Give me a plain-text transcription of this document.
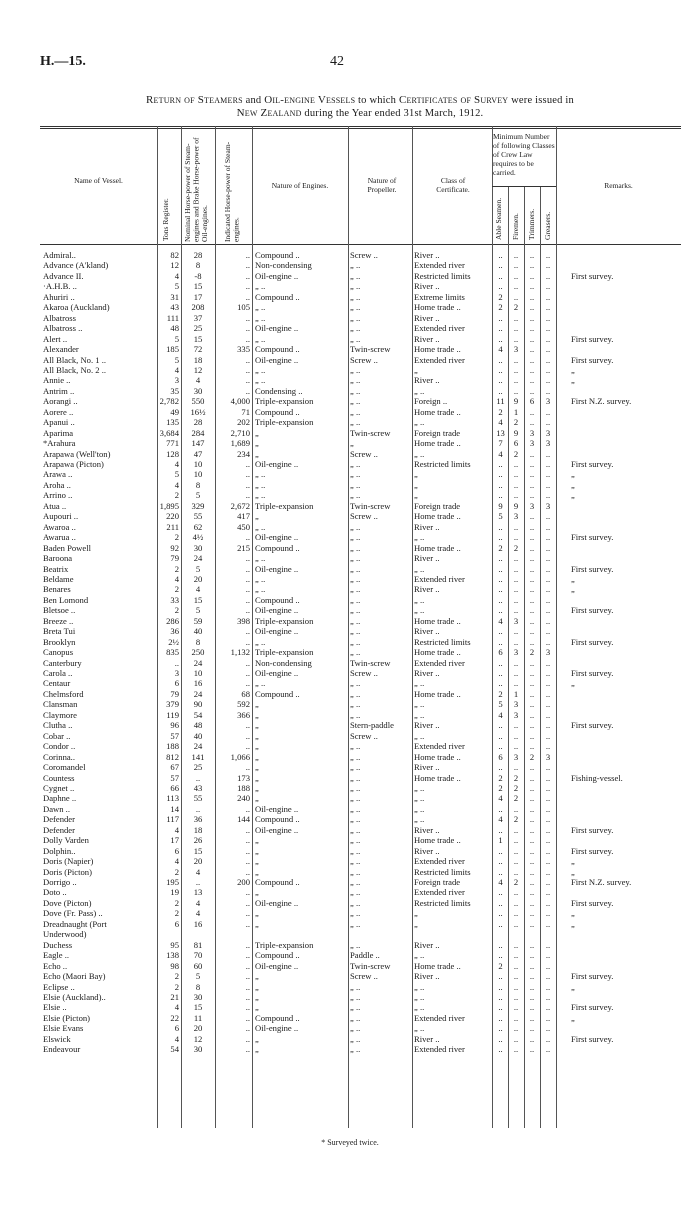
H.—15.	42
Return of Steamers and Oil-engine Vessels to which Certificates of Survey were issued in
New Zealand during the Year ended 31st March, 1912.
Name of Vessel.
Tons Register. Nominal Horse-power of Steam-engines and Brake Horse-power of Oil-engines.	Indicated Horse-power of Steam-engines.
Nature of Engines.
Nature of Propeller.
Class of Certificate.
Minimum Number of following Classes of Crew Law requires to be carried.
Able Seamen. Firemen. Trimmers. Greasers.
Remarks.
Admiral..	82	28	.. Compound ..	Screw ..	River ..	..	..	..	..
Advance (A'kland)	12	8	.. Non-condensing	„ ..	Extended river	..	..	..	..
Advance II.	4	-8	.. Oil-engine ..	„ ..	Restricted limits	..	..	..	..	First survey.
·A.H.B. ..	5	15	.. „ ..	„ ..	River ..	..	..	..	..
Ahuriri ..	31	17	.. Compound ..	„ ..	Extreme limits	2	..	..	..
Akaroa (Auckland)	43	208	105 „ ..	„ ..	Home trade ..	2	2	..	..
Albatross	111	37	.. „ ..	„ ..	River ..	..	..	..	..
Albatross ..	48	25	.. Oil-engine ..	„ ..	Extended river	..	..	..	..
Alert ..	5	15	.. „ ..	„ ..	River ..	..	..	..	..	First survey.
Alexander	185	72	335 Compound ..	Twin-screw	Home trade ..	4	3	..	..
All Black, No. 1 ..	5	18	.. Oil-engine ..	Screw ..	Extended river	..	..	..	..	First survey.
All Black, No. 2 ..	4	12	.. „ ..	„ ..	„	..	..	..	..	„
Annie ..	3	4	.. „ ..	„ ..	River ..	..	..	..	..	„
Antrim ..	35	30	.. Condensing ..	„ ..	„ ..	..	..	..	..
Aorangi ..	2,782	550	4,000 Triple-expansion	„ ..	Foreign ..	11	9	6	3	First N.Z. survey.
Aorere ..	49	16½	71 Compound ..	„ ..	Home trade ..	2	1	..	..
Apanui ..	135	28	202 Triple-expansion	„ ..	„ ..	4	2	..	..
Aparima	3,684	284	2,710 „	Twin-screw	Foreign trade	13	9	3	3
*Arahura	771	147	1,689 „	„	Home trade ..	7	6	3	3
Arapawa (Well'ton)	128	47	234 „	Screw ..	„ ..	4	2	..	..
Arapawa (Picton)	4	10	.. Oil-engine ..	„ ..	Restricted limits	..	..	..	..	First survey.
Arawa ..	5	10	.. „ ..	„ ..	„	..	..	..	..	„
Aroha ..	4	8	.. „ ..	„ ..	„	..	..	..	..	„
Arrino ..	2	5	.. „ ..	„ ..	„	..	..	..	..	„
Atua ..	1,895	329	2,672 Triple-expansion	Twin-screw	Foreign trade	9	9	3	3
Aupouri ..	220	55	417 „	Screw ..	Home trade ..	5	3	..	..
Awaroa ..	211	62	450 „ ..	„ ..	River ..	..	..	..	..
Awarua ..	2	4½	.. Oil-engine ..	„ ..	„ ..	..	..	..	..	First survey.
Baden Powell	92	30	215 Compound ..	„ ..	Home trade ..	2	2	..	..
Baroona	79	24	.. „ ..	„ ..	River ..	..	..	..	..
Beatrix	2	5	.. Oil-engine ..	„ ..	„ ..	..	..	..	..	First survey.
Beldame	4	20	.. „ ..	„ ..	Extended river	..	..	..	..	„
Benares	2	4	.. „ ..	„ ..	River ..	..	..	..	..	„
Ben Lomond	33	15	.. Compound ..	„ ..	„ ..	..	..	..	..
Bletsoe ..	2	5	.. Oil-engine ..	„ ..	„ ..	..	..	..	..	First survey.
Breeze ..	286	59	398 Triple-expansion	„ ..	Home trade ..	4	3	..	..
Breta Tui	36	40	.. Oil-engine ..	„ ..	River ..	..	..	..	..
Brooklyn	2½	8	.. „ ..	„ ..	Restricted limits	..	..	..	..	First survey.
Canopus	835	250	1,132 Triple-expansion	„ ..	Home trade ..	6	3	2	3
Canterbury	..	24	.. Non-condensing	Twin-screw	Extended river	..	..	..	..
Carola ..	3	10	.. Oil-engine ..	Screw ..	River ..	..	..	..	..	First survey.
Centaur	6	16	.. „ ..	„ ..	„ ..	..	..	..	..	„
Chelmsford	79	24	68 Compound ..	„ ..	Home trade ..	2	1	..	..
Clansman	379	90	592 „	„ ..	„ ..	5	3	..	..
Claymore	119	54	366 „	„ ..	„ ..	4	3	..	..
Clutha ..	96	48	.. „	Stern-paddle	River ..	..	..	..	..	First survey.
Cobar ..	57	40	.. „	Screw ..	„ ..	..	..	..	..
Condor ..	188	24	.. „	„ ..	Extended river	..	..	..	..
Corinna..	812	141	1,066 „	„ ..	Home trade ..	6	3	2	3
Coromandel	67	25	.. „	„ ..	River ..	..	..	..	..
Countess	57	..	173 „	„ ..	Home trade ..	2	2	..	..	Fishing-vessel.
Cygnet ..	66	43	188 „	„ ..	„ ..	2	2	..	..
Daphne ..	113	55	240 „	„ ..	„ ..	4	2	..	..
Dawn ..	14	..	.. Oil-engine ..	„ ..	„ ..	..	..	..	..
Defender	117	36	144 Compound ..	„ ..	„ ..	4	2	..	..
Defender	4	18	.. Oil-engine ..	„ ..	River ..	..	..	..	..	First survey.
Dolly Varden	17	26	.. „	„ ..	Home trade ..	1	..	..	..
Dolphin..	6	15	.. „	„ ..	River ..	..	..	..	..	First survey.
Doris (Napier)	4	20	.. „	„ ..	Extended river	..	..	..	..	„
Doris (Picton)	2	4	.. „	„ ..	Restricted limits	..	..	..	..	„
Dorrigo ..	195	..	200 Compound ..	„ ..	Foreign trade	4	2	..	..	First N.Z. survey.
Doto ..	19	13	.. „	„ ..	Extended river	..	..	..	..
Dove (Picton)	2	4	.. Oil-engine ..	„ ..	Restricted limits	..	..	..	..	First survey.
Dove (Fr. Pass) ..	2	4	.. „	„ ..	„	..	..	..	..	„
Dreadnaught (Port	6	16	.. „	„ ..	„	..	..	..	..	„
Underwood)
Duchess	95	81	.. Triple-expansion	„ ..	River ..	..	..	..	..
Eagle ..	138	70	.. Compound ..	Paddle ..	„ ..	..	..	..	..
Echo ..	98	60	.. Oil-engine ..	Twin-screw	Home trade ..	2	..	..	..
Echo (Maori Bay)	2	5	.. „	Screw ..	River ..	..	..	..	..	First survey.
Eclipse ..	2	8	.. „	„ ..	„ ..	..	..	..	..	„
Elsie (Auckland)..	21	30	.. „	„ ..	„ ..	..	..	..	..
Elsie ..	4	15	.. „	„ ..	„ ..	..	..	..	..	First survey.
Elsie (Picton)	22	11	.. Compound ..	„ ..	Extended river	..	..	..	..	„
Elsie Evans	6	20	.. Oil-engine ..	„ ..	„ ..	..	..	..	..
Elswick	4	12	.. „	„ ..	River ..	..	..	..	..	First survey.
Endeavour	54	30	.. „	„ ..	Extended river	..	..	..	..
* Surveyed twice.
